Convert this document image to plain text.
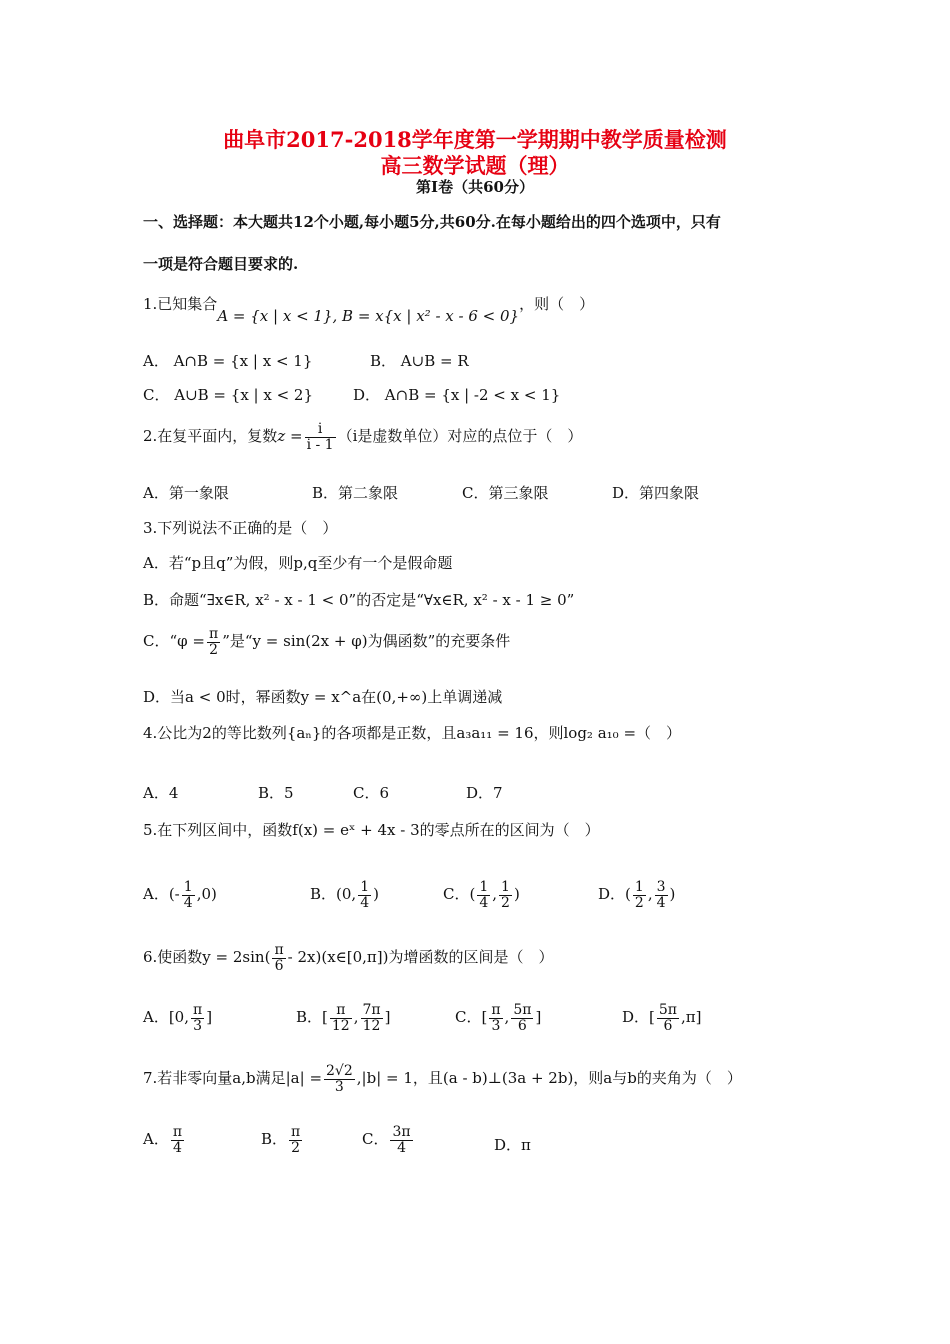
曲阜市2017-2018学年度第一学期期中教学质量检测
高三数学试题（理）
第Ⅰ卷（共60分）
一、选择题：本大题共12个小题,每小题5分,共60分.在每小题给出的四个选项中，只有
一项是符合题目要求的.
1.已知集合A = {x | x < 1}, B = x{x | x² - x - 6 < 0}，则（　）
A． A∩B = {x | x < 1}	B． A∪B = R
C． A∪B = {x | x < 2}	D． A∩B = {x | -2 < x < 1}
2.在复平面内，复数$z = \frac{i}{i - 1} (i$是虚数单位）对应的点位于（　）
A．第一象限	B．第二象限	C．第三象限	D．第四象限
3.下列说法不正确的是（　）
A．若“p且q”为假，则p,q至少有一个是假命题
B．命题“∃x∈R, x² - x - 1 < 0”的否定是“∀x∈R, x² - x - 1 ≥ 0”
C．“$\varphi = \frac{\pi}{2}$ ”是“y = sin(2x + φ)为偶函数”的充要条件
D．当a < 0时，幂函数y = x^a在(0,+∞)上单调递减
4.公比为2的等比数列{aₙ}的各项都是正数，且a₃a₁₁ = 16，则log₂ a₁₀ =（　）
A．4	B．5	C．6	D．7
5.在下列区间中，函数f(x) = eˣ + 4x - 3的零点所在的区间为（　）
A．(- $\frac{1}{4} ,0$)	B．(0, $\frac{1}{4}$ )	C．( $\frac{1}{4}$ , $\frac{1}{2}$ )	D．( $\frac{1}{2}$ , $\frac{3}{4}$ )
6.使函数$y = 2\sin( \frac{\pi}{6}$ - 2x)(x∈[0,π])为增函数的区间是（　）
A．[0, $\frac{\pi}{3}$ ]	B．[ $\frac{\pi}{12}$ , $\frac{7\pi}{12}$ ]	C．[ $\frac{\pi}{3}$ , $\frac{5\pi}{6}$ ]	D．[ $\frac{5\pi}{6} ,\pi$]
7.若非零向量a,b满足$|a| = \frac{2√2}{3} ,|b| = 1$，且(a - b)⊥(3a + 2b)，则a与b的夹角为（　）
A． $\frac{\pi}{4}$	B． $\frac{\pi}{2}$	C． $\frac{3\pi}{4}$	D．π
